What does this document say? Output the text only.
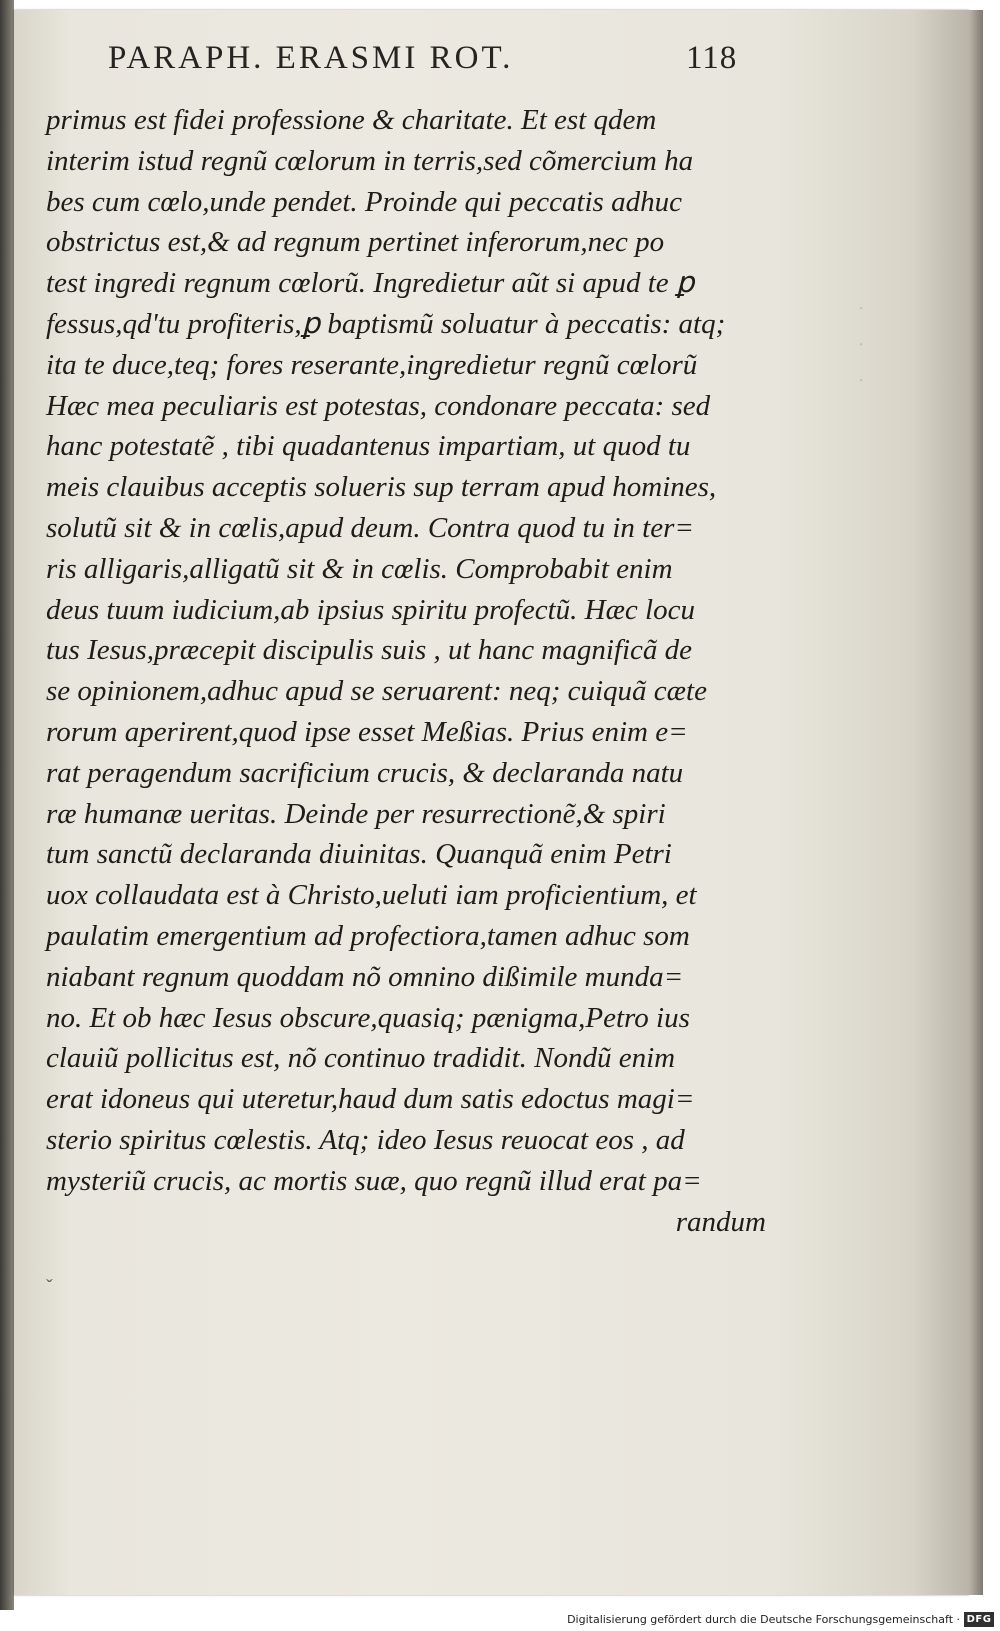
·
·
·
PARAPH. ERASMI ROT.	118
primus est fidei professione & charitate. Et est qdem
interim istud regnũ cœlorum in terris,sed cõmercium ha
bes cum cœlo,unde pendet. Proinde qui peccatis adhuc
obstrictus est,& ad regnum pertinet inferorum,nec po
test ingredi regnum cœlorũ. Ingredietur aũt si apud te ꝑ
fessus,qd'tu profiteris,ꝑ baptismũ soluatur à peccatis: atq;
ita te duce,teq; fores reserante,ingredietur regnũ cœlorũ
Hæc mea peculiaris est potestas, condonare peccata: sed
hanc potestatẽ , tibi quadantenus impartiam, ut quod tu
meis clauibus acceptis solueris sup terram apud homines,
solutũ sit & in cœlis,apud deum. Contra quod tu in ter=
ris alligaris,alligatũ sit & in cœlis. Comprobabit enim
deus tuum iudicium,ab ipsius spiritu profectũ. Hæc locu
tus Iesus,præcepit discipulis suis , ut hanc magnificã de
se opinionem,adhuc apud se seruarent: neq; cuiquã cæte
rorum aperirent,quod ipse esset Meßias. Prius enim e=
rat peragendum sacrificium crucis, & declaranda natu
ræ humanæ ueritas. Deinde per resurrectionẽ,& spiri
tum sanctũ declaranda diuinitas. Quanquã enim Petri
uox collaudata est à Christo,ueluti iam proficientium, et
paulatim emergentium ad profectiora,tamen adhuc som
niabant regnum quoddam nõ omnino dißimile munda=
no. Et ob hæc Iesus obscure,quasiq; pænigma,Petro ius
clauiũ pollicitus est, nõ continuo tradidit. Nondũ enim
erat idoneus qui uteretur,haud dum satis edoctus magi=
sterio spiritus cœlestis. Atq; ideo Iesus reuocat eos , ad
mysteriũ crucis, ac mortis suæ, quo regnũ illud erat pa=
randum
ˇ
Digitalisierung gefördert durch die Deutsche Forschungsgemeinschaft · DFG
